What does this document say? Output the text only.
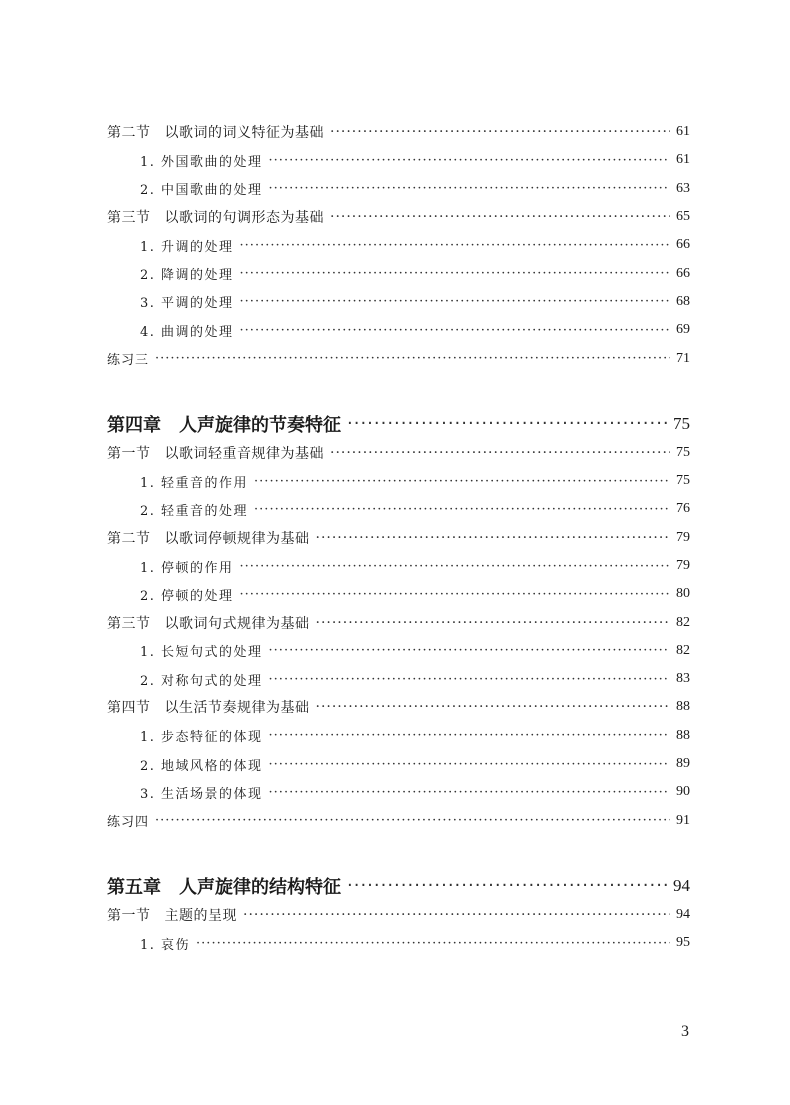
第二节 以歌词的词义特征为基础 ·····	61
1. 外国歌曲的处理 ·····	61
2. 中国歌曲的处理 ·····	63
第三节 以歌词的句调形态为基础 ·····	65
1. 升调的处理 ·····	66
2. 降调的处理 ·····	66
3. 平调的处理 ·····	68
4. 曲调的处理 ·····	69
练习三 ·····	71
第四章 人声旋律的节奏特征 ·····	75
第一节 以歌词轻重音规律为基础 ·····	75
1. 轻重音的作用 ·····	75
2. 轻重音的处理 ·····	76
第二节 以歌词停顿规律为基础 ·····	79
1. 停顿的作用 ·····	79
2. 停顿的处理 ·····	80
第三节 以歌词句式规律为基础 ·····	82
1. 长短句式的处理 ·····	82
2. 对称句式的处理 ·····	83
第四节 以生活节奏规律为基础 ·····	88
1. 步态特征的体现 ·····	88
2. 地域风格的体现 ·····	89
3. 生活场景的体现 ·····	90
练习四 ·····	91
第五章 人声旋律的结构特征 ·····	94
第一节 主题的呈现 ·····	94
1. 哀伤 ·····	95
3
